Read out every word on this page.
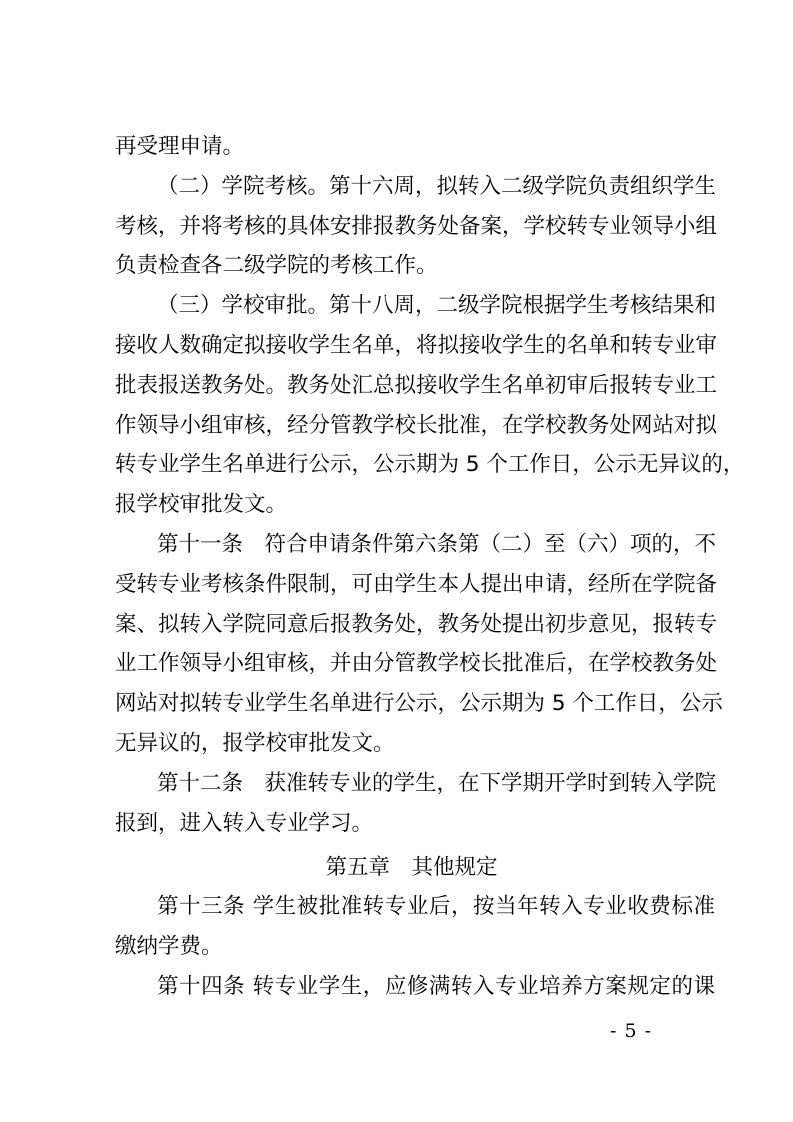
再受理申请。
（二）学院考核。第十六周，拟转入二级学院负责组织学生
考核，并将考核的具体安排报教务处备案，学校转专业领导小组
负责检查各二级学院的考核工作。
（三）学校审批。第十八周，二级学院根据学生考核结果和
接收人数确定拟接收学生名单，将拟接收学生的名单和转专业审
批表报送教务处。教务处汇总拟接收学生名单初审后报转专业工
作领导小组审核，经分管教学校长批准，在学校教务处网站对拟
转专业学生名单进行公示，公示期为 5 个工作日，公示无异议的，
报学校审批发文。
第十一条　符合申请条件第六条第（二）至（六）项的，不
受转专业考核条件限制，可由学生本人提出申请，经所在学院备
案、拟转入学院同意后报教务处，教务处提出初步意见，报转专
业工作领导小组审核，并由分管教学校长批准后，在学校教务处
网站对拟转专业学生名单进行公示，公示期为 5 个工作日，公示
无异议的，报学校审批发文。
第十二条　获准转专业的学生，在下学期开学时到转入学院
报到，进入转入专业学习。
第五章　其他规定
第十三条 学生被批准转专业后，按当年转入专业收费标准
缴纳学费。
第十四条 转专业学生，应修满转入专业培养方案规定的课
- 5 -
